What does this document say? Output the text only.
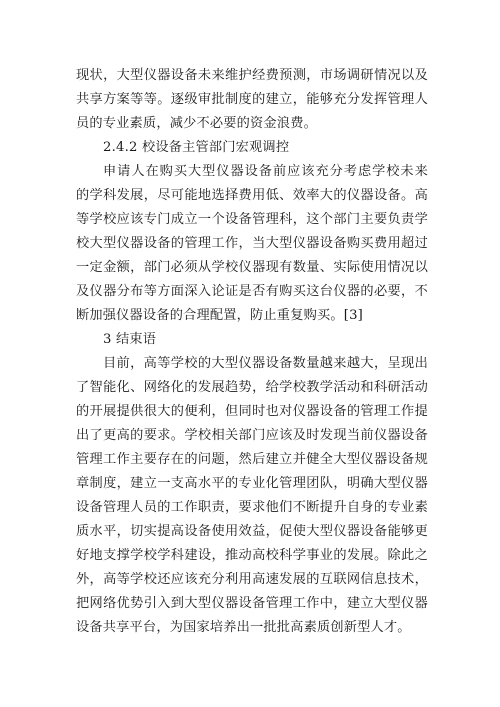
现状，大型仪器设备未来维护经费预测，市场调研情况以及
共享方案等等。逐级审批制度的建立，能够充分发挥管理人
员的专业素质，减少不必要的资金浪费。
2.4.2 校设备主管部门宏观调控
申请人在购买大型仪器设备前应该充分考虑学校未来
的学科发展，尽可能地选择费用低、效率大的仪器设备。高
等学校应该专门成立一个设备管理科，这个部门主要负责学
校大型仪器设备的管理工作，当大型仪器设备购买费用超过
一定金额，部门必须从学校仪器现有数量、实际使用情况以
及仪器分布等方面深入论证是否有购买这台仪器的必要，不
断加强仪器设备的合理配置，防止重复购买。[3]
3 结束语
目前，高等学校的大型仪器设备数量越来越大，呈现出
了智能化、网络化的发展趋势，给学校教学活动和科研活动
的开展提供很大的便利，但同时也对仪器设备的管理工作提
出了更高的要求。学校相关部门应该及时发现当前仪器设备
管理工作主要存在的问题，然后建立并健全大型仪器设备规
章制度，建立一支高水平的专业化管理团队，明确大型仪器
设备管理人员的工作职责，要求他们不断提升自身的专业素
质水平，切实提高设备使用效益，促使大型仪器设备能够更
好地支撑学校学科建设，推动高校科学事业的发展。除此之
外，高等学校还应该充分利用高速发展的互联网信息技术，
把网络优势引入到大型仪器设备管理工作中，建立大型仪器
设备共享平台，为国家培养出一批批高素质创新型人才。
